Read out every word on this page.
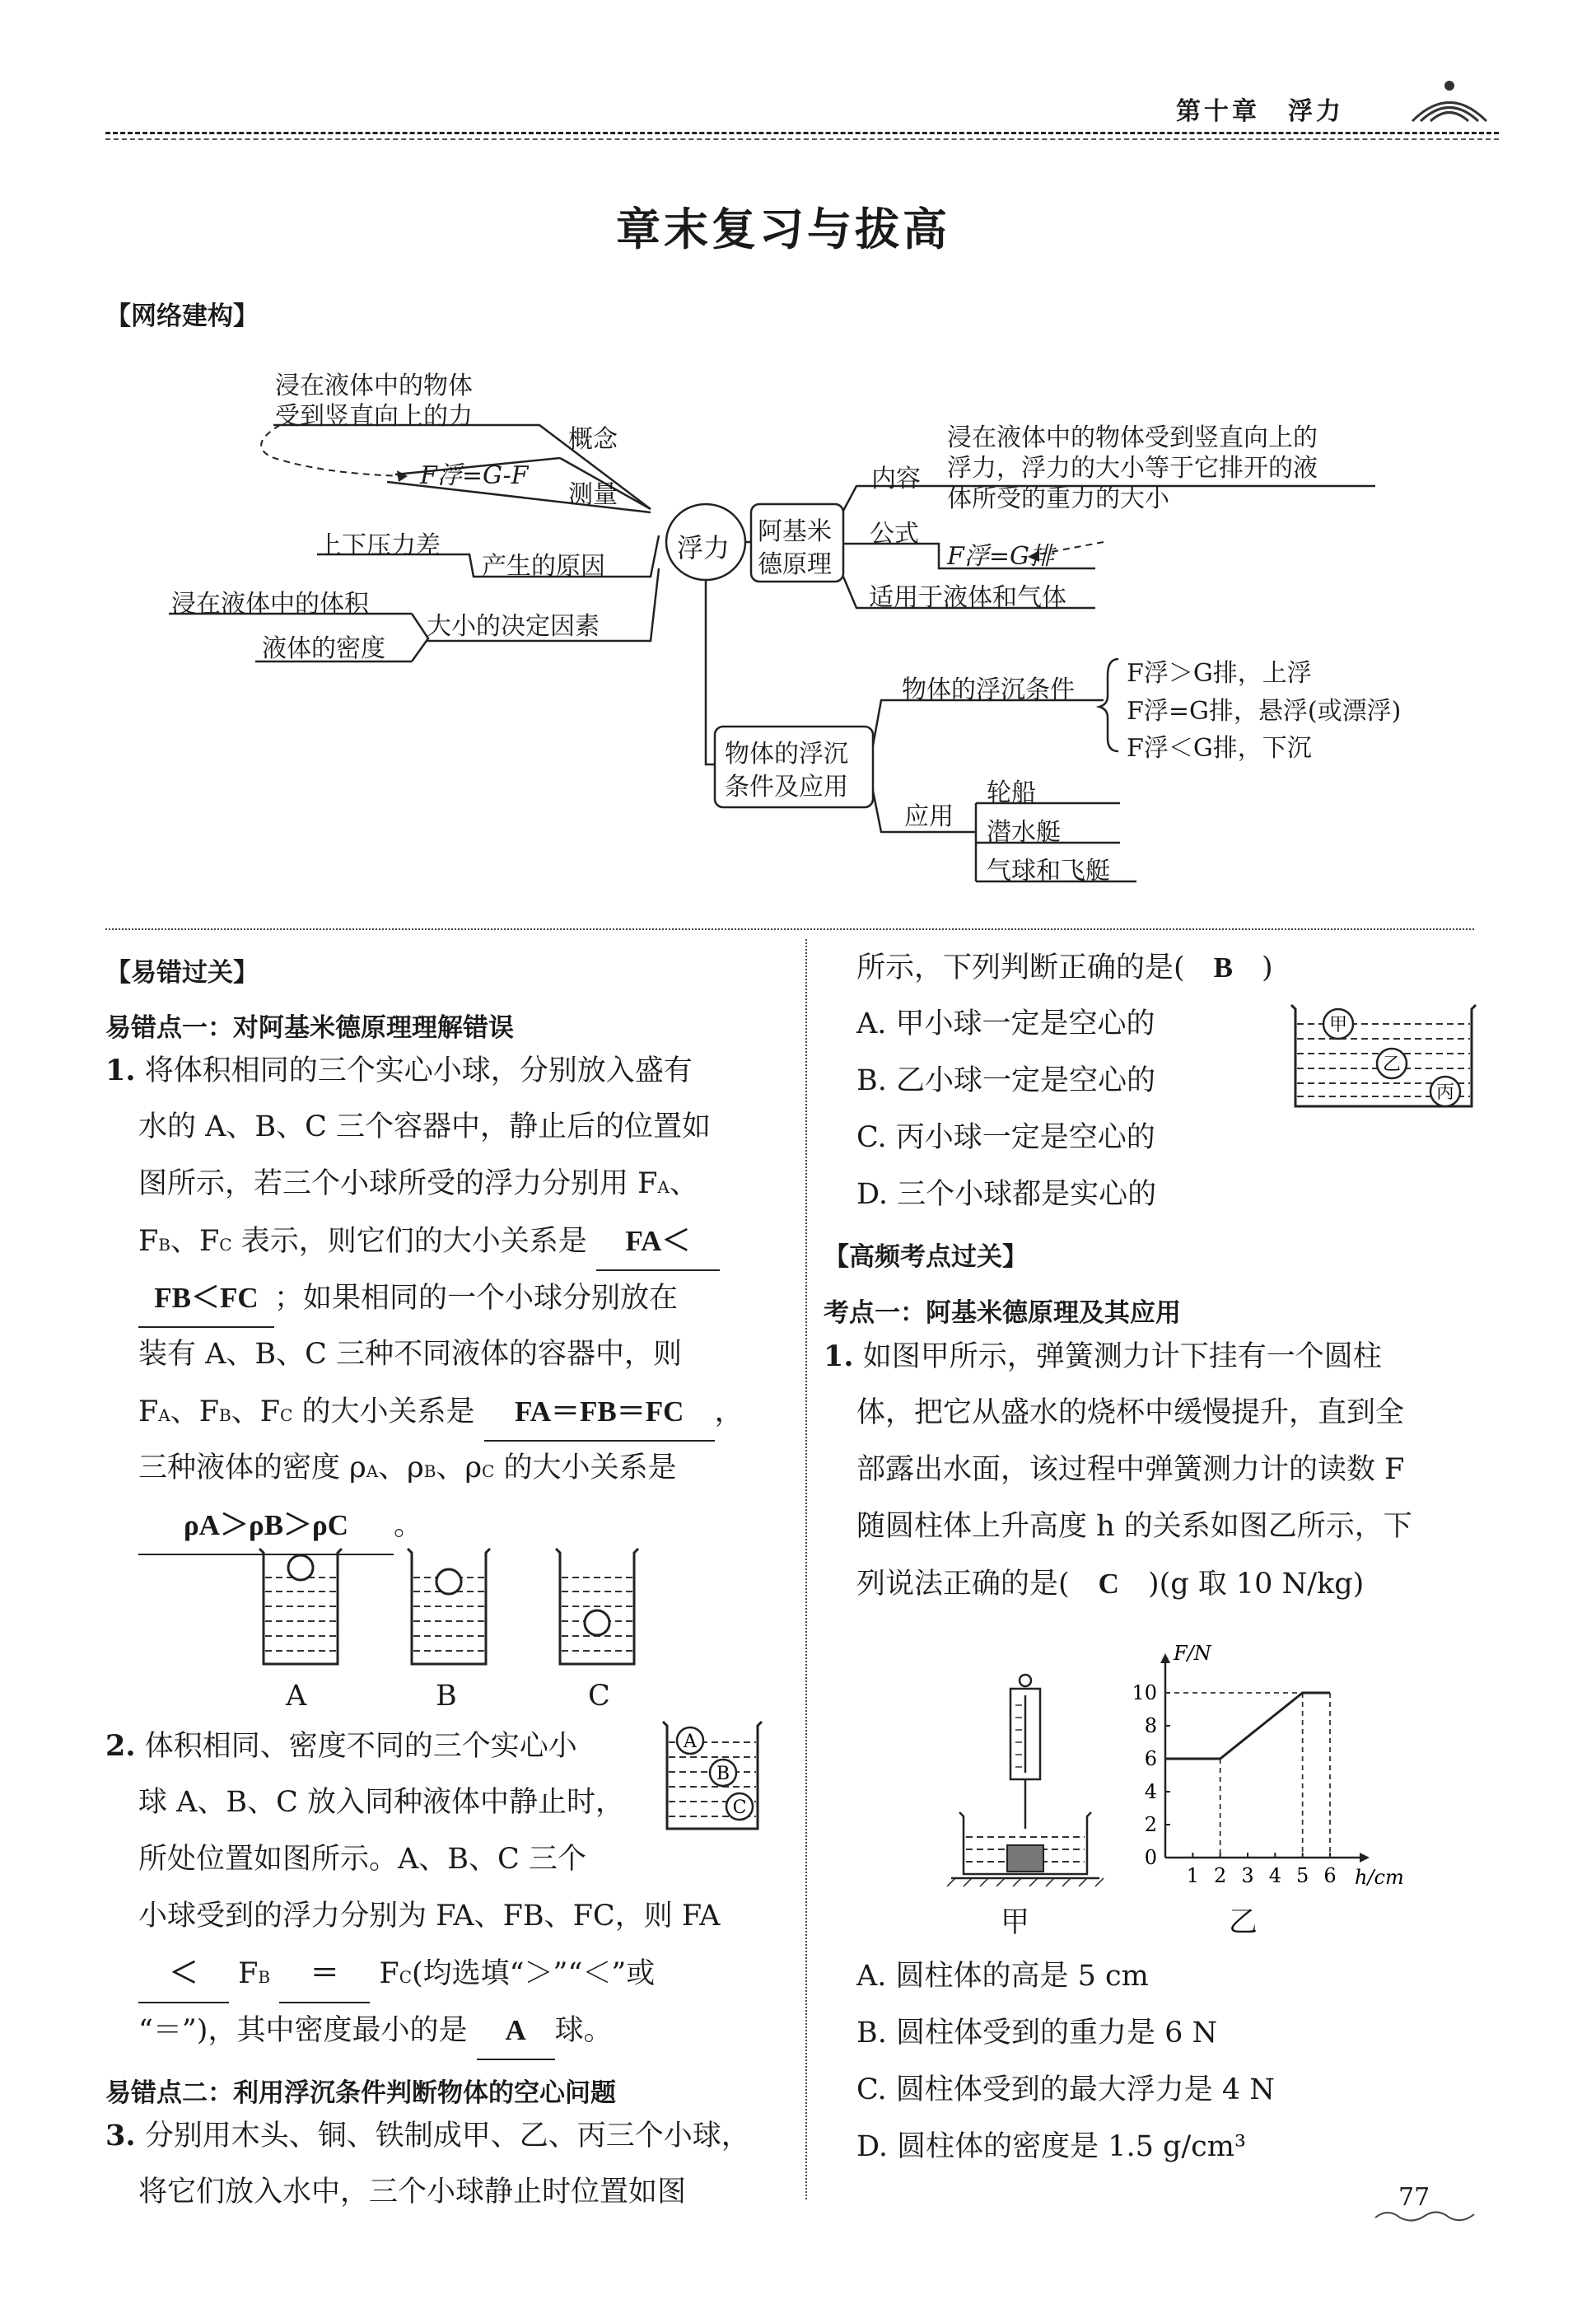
第十章　浮力
章末复习与拔高
【网络建构】
浸在液体中的物体
受到竖直向上的力
概念
F浮=G-F
测量
上下压力差
产生的原因
浸在液体中的体积
液体的密度
大小的决定因素
浮力
阿基米
德原理
内容
浸在液体中的物体受到竖直向上的
浮力，浮力的大小等于它排开的液
体所受的重力的大小
公式
F浮=G排
适用于液体和气体
物体的浮沉
条件及应用
物体的浮沉条件
F浮＞G排，上浮
F浮=G排，悬浮(或漂浮)
F浮＜G排，下沉
应用
轮船
潜水艇
气球和飞艇
【易错过关】
易错点一：对阿基米德原理理解错误
1. 将体积相同的三个实心小球，分别放入盛有
水的 A、B、C 三个容器中，静止后的位置如
图所示，若三个小球所受的浮力分别用 FA、
FB、FC 表示，则它们的大小关系是 FA＜
FB＜FC ；如果相同的一个小球分别放在
装有 A、B、C 三种不同液体的容器中，则
FA、FB、FC 的大小关系是 FA＝FB＝FC ，
三种液体的密度 ρA、ρB、ρC 的大小关系是
ρA＞ρB＞ρC 。
A	B	C
2. 体积相同、密度不同的三个实心小
球 A、B、C 放入同种液体中静止时，
所处位置如图所示。A、B、C 三个
小球受到的浮力分别为 FA、FB、FC，则 FA
＜ FB ＝ FC(均选填“＞”“＜”或
“＝”)，其中密度最小的是 A 球。
A
B
C
易错点二：利用浮沉条件判断物体的空心问题
3. 分别用木头、铜、铁制成甲、乙、丙三个小球，
将它们放入水中，三个小球静止时位置如图
所示，下列判断正确的是(　B　)
A. 甲小球一定是空心的
B. 乙小球一定是空心的
C. 丙小球一定是空心的
D. 三个小球都是实心的
甲
乙
丙
【高频考点过关】
考点一：阿基米德原理及其应用
1. 如图甲所示，弹簧测力计下挂有一个圆柱
体，把它从盛水的烧杯中缓慢提升，直到全
部露出水面，该过程中弹簧测力计的读数 F
随圆柱体上升高度 h 的关系如图乙所示，下
列说法正确的是(　C　)(g 取 10 N/kg)
甲
h/cm
F/N
1 2 3 4 5 6
0
2
4
6
8
10
乙
A. 圆柱体的高是 5 cm
B. 圆柱体受到的重力是 6 N
C. 圆柱体受到的最大浮力是 4 N
D. 圆柱体的密度是 1.5 g/cm³
77
